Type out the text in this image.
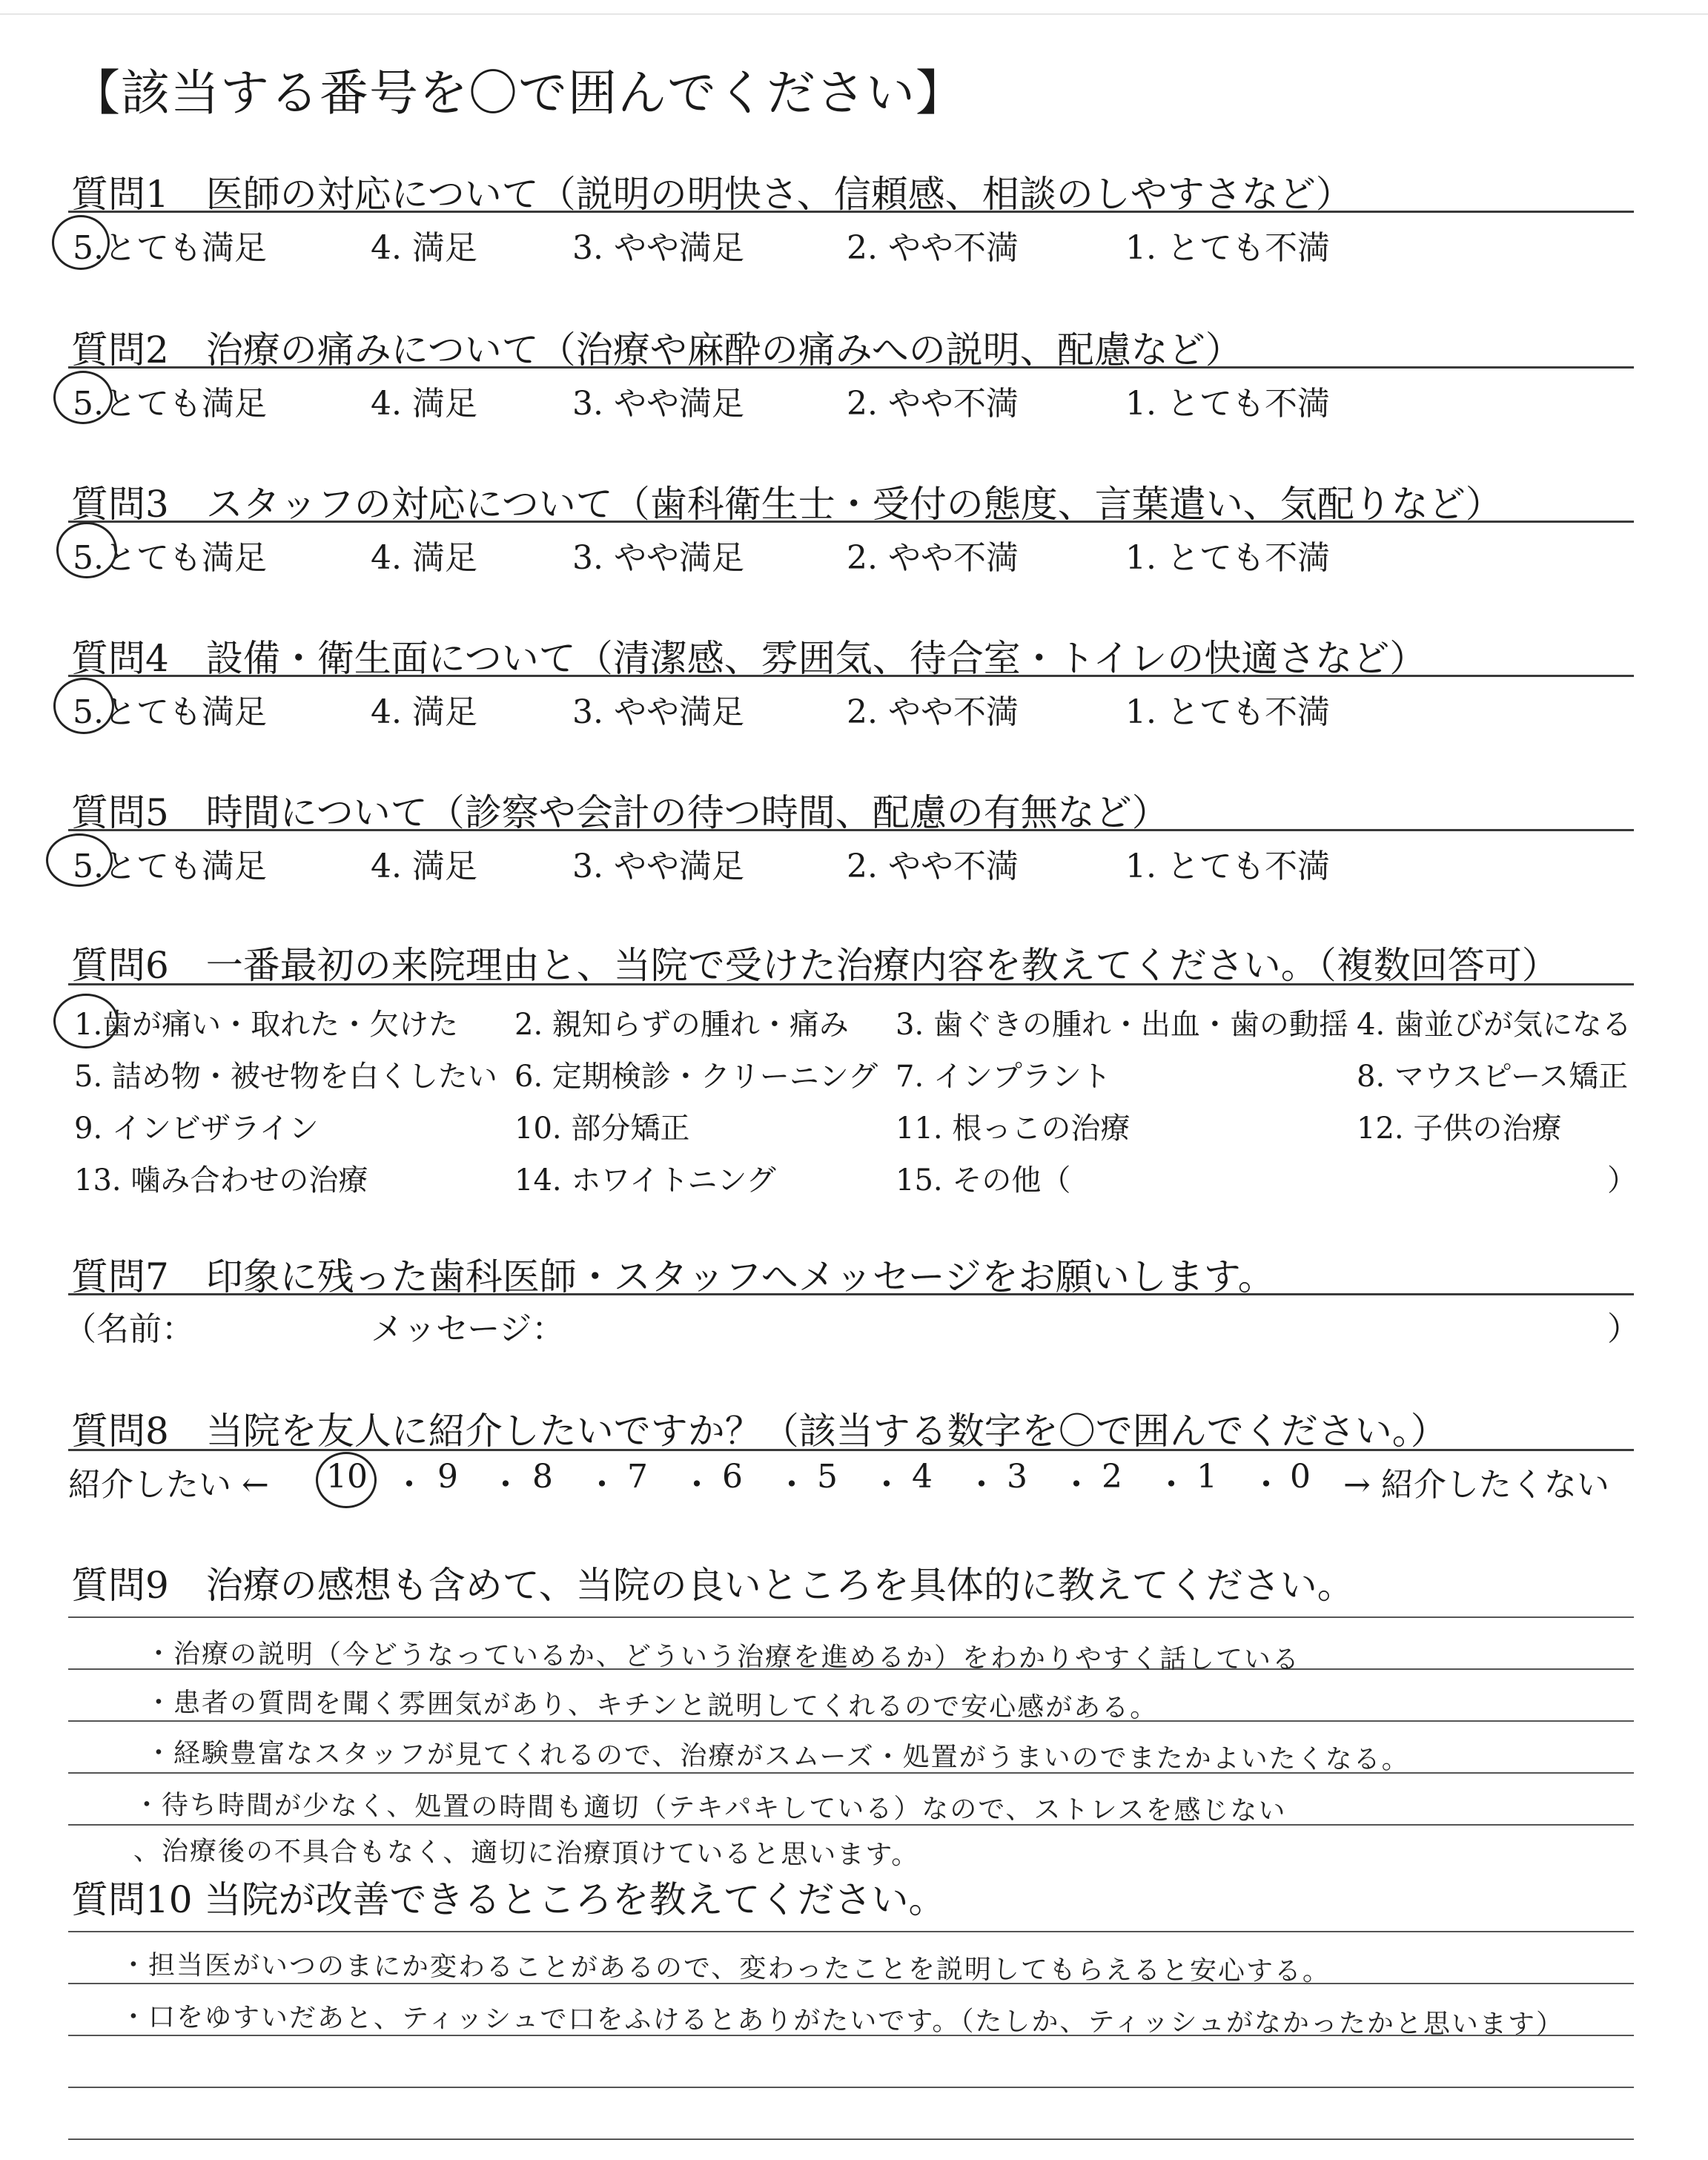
【該当する番号を〇で囲んでください】
質問1　医師の対応について（説明の明快さ、信頼感、相談のしやすさなど）
5.とても満足	4. 満足	3. やや満足	2. やや不満	1. とても不満
質問2　治療の痛みについて（治療や麻酔の痛みへの説明、配慮など）
5.とても満足	4. 満足	3. やや満足	2. やや不満	1. とても不満
質問3　スタッフの対応について（歯科衛生士・受付の態度、言葉遣い、気配りなど）
5.とても満足	4. 満足	3. やや満足	2. やや不満	1. とても不満
質問4　設備・衛生面について（清潔感、雰囲気、待合室・トイレの快適さなど）
5.とても満足	4. 満足	3. やや満足	2. やや不満	1. とても不満
質問5　時間について（診察や会計の待つ時間、配慮の有無など）
5.とても満足	4. 満足	3. やや満足	2. やや不満	1. とても不満
質問6　一番最初の来院理由と、当院で受けた治療内容を教えてください。（複数回答可）
1.歯が痛い・取れた・欠けた 2. 親知らずの腫れ・痛み 3. 歯ぐきの腫れ・出血・歯の動揺 4. 歯並びが気になる
5. 詰め物・被せ物を白くしたい 6. 定期検診・クリーニング 7. インプラント	8. マウスピース矯正
9. インビザライン	10. 部分矯正	11. 根っこの治療	12. 子供の治療
13. 噛み合わせの治療	14. ホワイトニング	15. その他（	）
質問7　印象に残った歯科医師・スタッフへメッセージをお願いします。
（名前：	メッセージ：	）
質問8　当院を友人に紹介したいですか？（該当する数字を〇で囲んでください。）
紹介したい ←	→ 紹介したくない
10 ・ 9 ・ 8 ・ 7 ・ 6 ・ 5 ・ 4 ・ 3 ・ 2 ・ 1 ・ 0
質問9　治療の感想も含めて、当院の良いところを具体的に教えてください。
・治療の説明（今どうなっているか、どういう治療を進めるか）をわかりやすく話している
・患者の質問を聞く雰囲気があり、キチンと説明してくれるので安心感がある。
・経験豊富なスタッフが見てくれるので、治療がスムーズ・処置がうまいのでまたかよいたくなる。
・待ち時間が少なく、処置の時間も適切（テキパキしている）なので、ストレスを感じない
、治療後の不具合もなく、適切に治療頂けていると思います。
質問10 当院が改善できるところを教えてください。
・担当医がいつのまにか変わることがあるので、変わったことを説明してもらえると安心する。
・口をゆすいだあと、ティッシュで口をふけるとありがたいです。（たしか、ティッシュがなかったかと思います）
